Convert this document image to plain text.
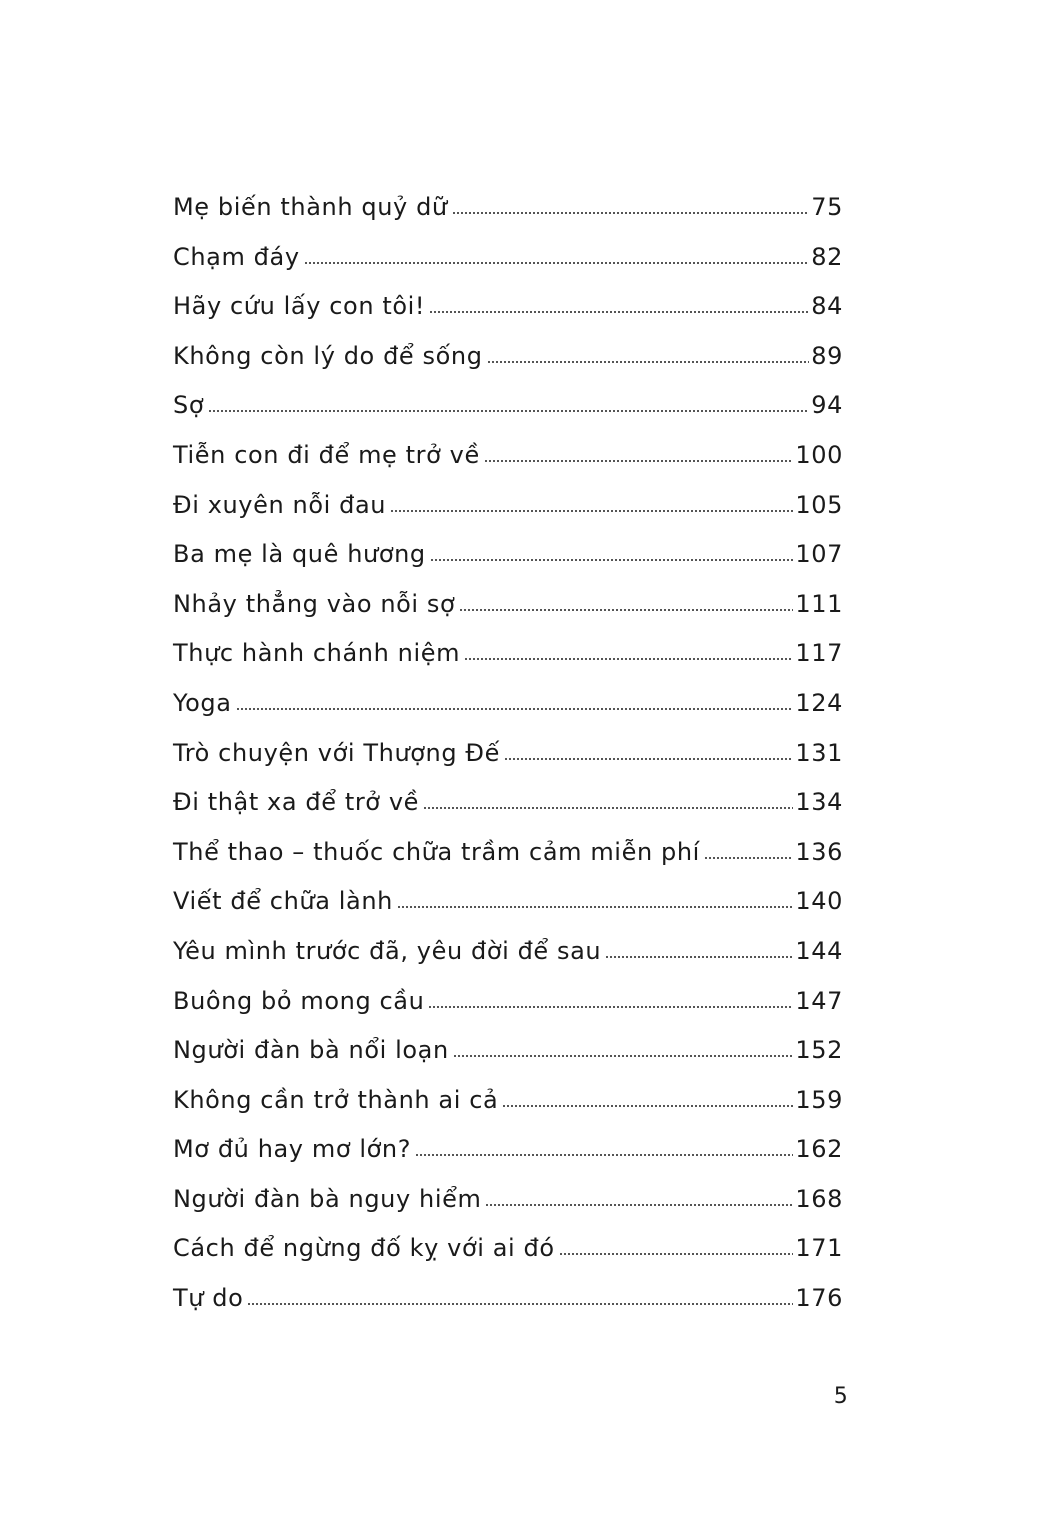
Mẹ biến thành quỷ dữ	75
Chạm đáy	82
Hãy cứu lấy con tôi!	84
Không còn lý do để sống	89
Sợ	94
Tiễn con đi để mẹ trở về	100
Đi xuyên nỗi đau	105
Ba mẹ là quê hương	107
Nhảy thẳng vào nỗi sợ	111
Thực hành chánh niệm	117
Yoga	124
Trò chuyện với Thượng Đế	131
Đi thật xa để trở về	134
Thể thao – thuốc chữa trầm cảm miễn phí	136
Viết để chữa lành	140
Yêu mình trước đã, yêu đời để sau	144
Buông bỏ mong cầu	147
Người đàn bà nổi loạn	152
Không cần trở thành ai cả	159
Mơ đủ hay mơ lớn?	162
Người đàn bà nguy hiểm	168
Cách để ngừng đố kỵ với ai đó	171
Tự do	176
5
